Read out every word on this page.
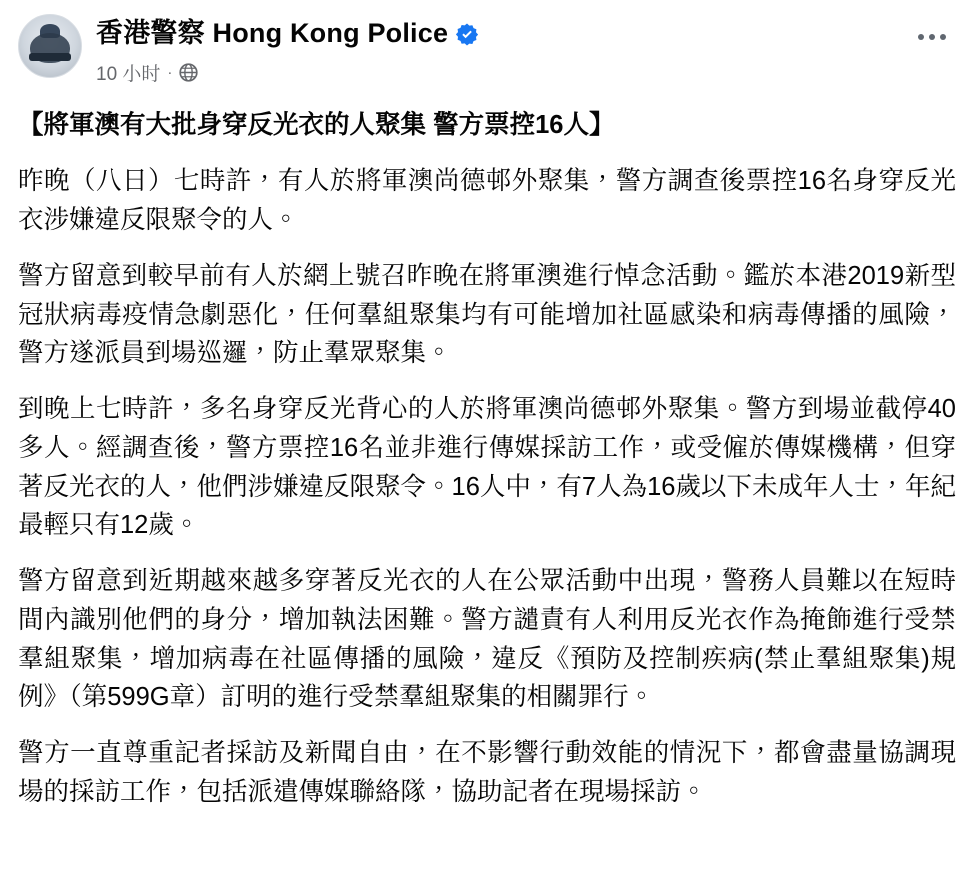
香港警察 Hong Kong Police
10 小时 ·

【將軍澳有大批身穿反光衣的人聚集 警方票控16人】

昨晚（八日）七時許，有人於將軍澳尚德邨外聚集，警方調查後票控16名身穿反光衣涉嫌違反限聚令的人。

警方留意到較早前有人於網上號召昨晚在將軍澳進行悼念活動。鑑於本港2019新型冠狀病毒疫情急劇惡化，任何羣組聚集均有可能增加社區感染和病毒傳播的風險，警方遂派員到場巡邏，防止羣眾聚集。

到晚上七時許，多名身穿反光背心的人於將軍澳尚德邨外聚集。警方到場並截停40多人。經調查後，警方票控16名並非進行傳媒採訪工作，或受僱於傳媒機構，但穿著反光衣的人，他們涉嫌違反限聚令。16人中，有7人為16歲以下未成年人士，年紀最輕只有12歲。

警方留意到近期越來越多穿著反光衣的人在公眾活動中出現，警務人員難以在短時間內識別他們的身分，增加執法困難。警方譴責有人利用反光衣作為掩飾進行受禁羣組聚集，增加病毒在社區傳播的風險，違反《預防及控制疾病(禁止羣組聚集)規例》（第599G章）訂明的進行受禁羣組聚集的相關罪行。

警方一直尊重記者採訪及新聞自由，在不影響行動效能的情況下，都會盡量協調現場的採訪工作，包括派遣傳媒聯絡隊，協助記者在現場採訪。
